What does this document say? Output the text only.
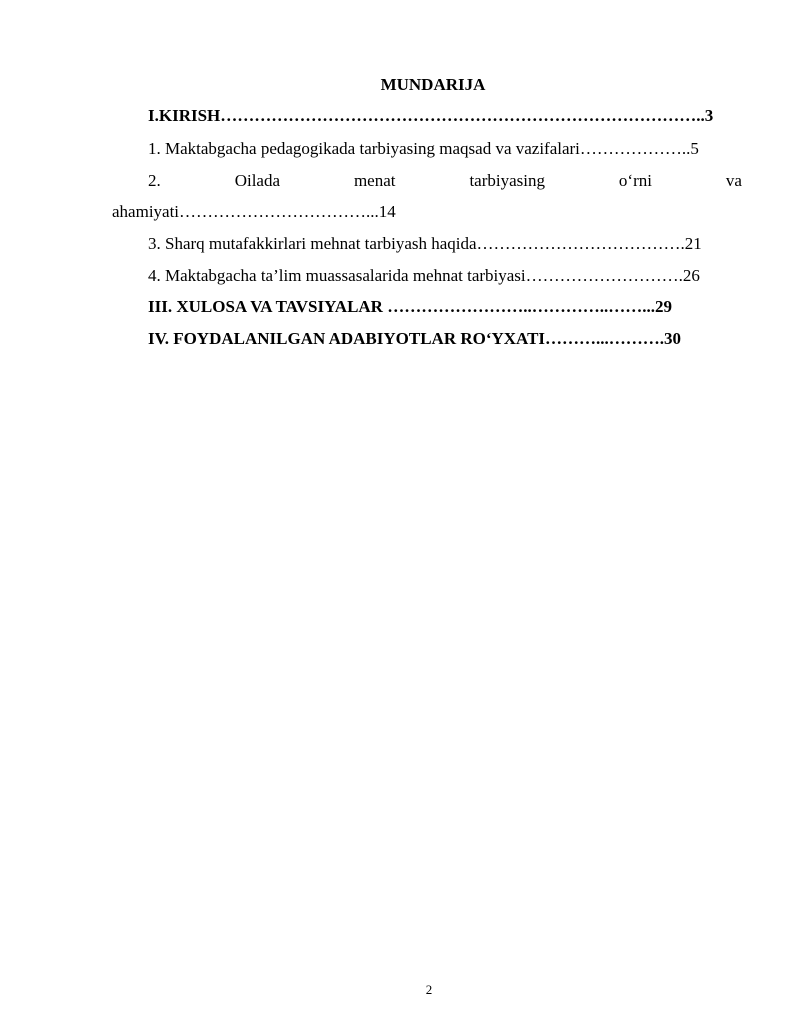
MUNDARIJA
I.KIRISH…………………………………………………………………………..3
1. Maktabgacha pedagogikada tarbiyasing maqsad va vazifalari………………..5
2.	Oilada	menat	tarbiyasing	o‘rni	va
ahamiyati……………………………...14
3. Sharq mutafakkirlari mehnat tarbiyash haqida……………………………….21
4. Maktabgacha ta’lim muassasalarida mehnat tarbiyasi……………………….26
III. XULOSA VA TAVSIYALAR ……………………..…………..……...29
IV. FOYDALANILGAN ADABIYOTLAR RO‘YXATI………...……….30
2
